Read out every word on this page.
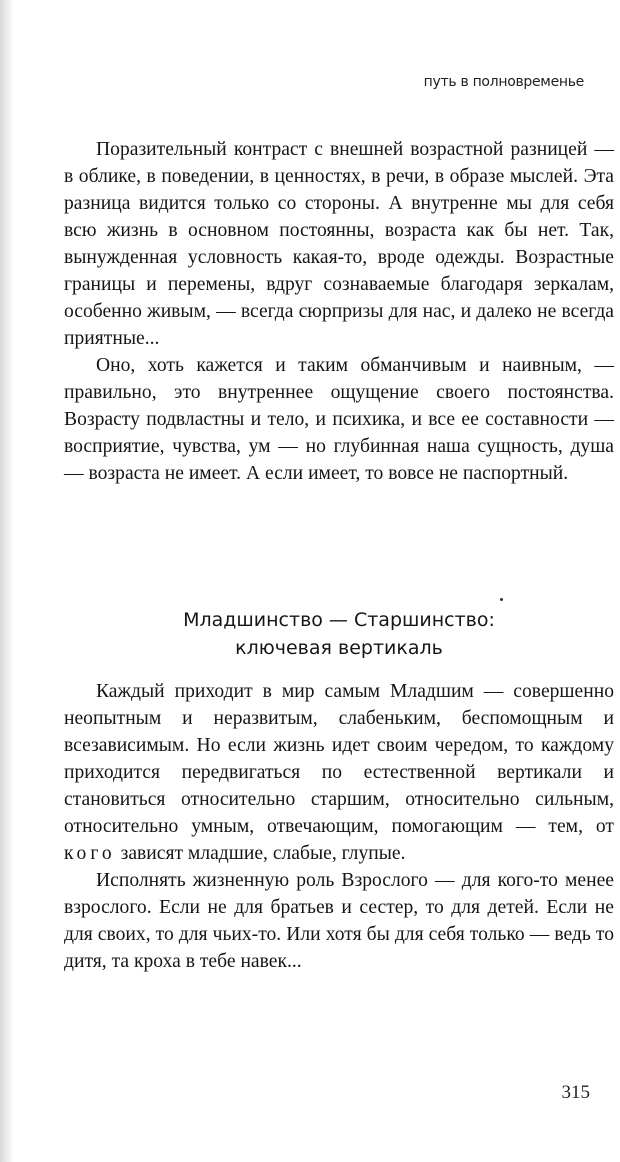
путь в полновременье

Поразительный контраст с внешней возрастной разницей — в облике, в поведении, в ценностях, в речи, в образе мыслей. Эта разница видится только со стороны. А внутренне мы для себя всю жизнь в основном постоянны, возраста как бы нет. Так, вынужденная условность какая-то, вроде одежды. Возрастные границы и перемены, вдруг сознаваемые благодаря зеркалам, особенно живым, — всегда сюрпризы для нас, и далеко не всегда приятные...

Оно, хоть кажется и таким обманчивым и наивным, — правильно, это внутреннее ощущение своего постоянства. Возрасту подвластны и тело, и психика, и все ее составности — восприятие, чувства, ум — но глубинная наша сущность, душа — возраста не имеет. А если имеет, то вовсе не паспортный.

Младшинство — Старшинство:
ключевая вертикаль

Каждый приходит в мир самым Младшим — совершенно неопытным и неразвитым, слабеньким, беспомощным и всезависимым. Но если жизнь идет своим чередом, то каждому приходится передвигаться по естественной вертикали и становиться относительно старшим, относительно сильным, относительно умным, отвечающим, помогающим — тем, от кого зависят младшие, слабые, глупые.

Исполнять жизненную роль Взрослого — для кого-то менее взрослого. Если не для братьев и сестер, то для детей. Если не для своих, то для чьих-то. Или хотя бы для себя только — ведь то дитя, та кроха в тебе навек...

315
